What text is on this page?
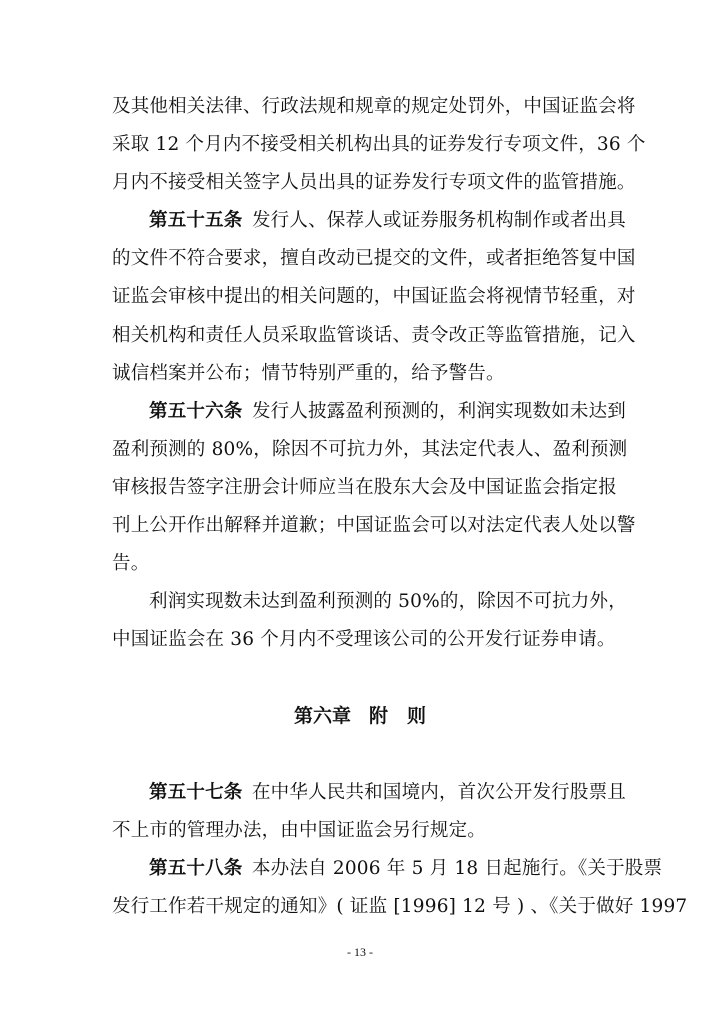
及其他相关法律、行政法规和规章的规定处罚外，中国证监会将
采取 12 个月内不接受相关机构出具的证券发行专项文件，36 个
月内不接受相关签字人员出具的证券发行专项文件的监管措施。
第五十五条  发行人、保荐人或证券服务机构制作或者出具
的文件不符合要求，擅自改动已提交的文件，或者拒绝答复中国
证监会审核中提出的相关问题的，中国证监会将视情节轻重，对
相关机构和责任人员采取监管谈话、责令改正等监管措施，记入
诚信档案并公布；情节特别严重的，给予警告。
第五十六条  发行人披露盈利预测的，利润实现数如未达到
盈利预测的 80%，除因不可抗力外，其法定代表人、盈利预测
审核报告签字注册会计师应当在股东大会及中国证监会指定报
刊上公开作出解释并道歉；中国证监会可以对法定代表人处以警
告。
利润实现数未达到盈利预测的 50%的，除因不可抗力外，
中国证监会在 36 个月内不受理该公司的公开发行证券申请。
第六章 附　则
第五十七条  在中华人民共和国境内，首次公开发行股票且
不上市的管理办法，由中国证监会另行规定。
第五十八条  本办法自 2006 年 5 月 18 日起施行。《关于股票
发行工作若干规定的通知》( 证监 [1996] 12 号 ) 、《关于做好 1997
- 13 -
